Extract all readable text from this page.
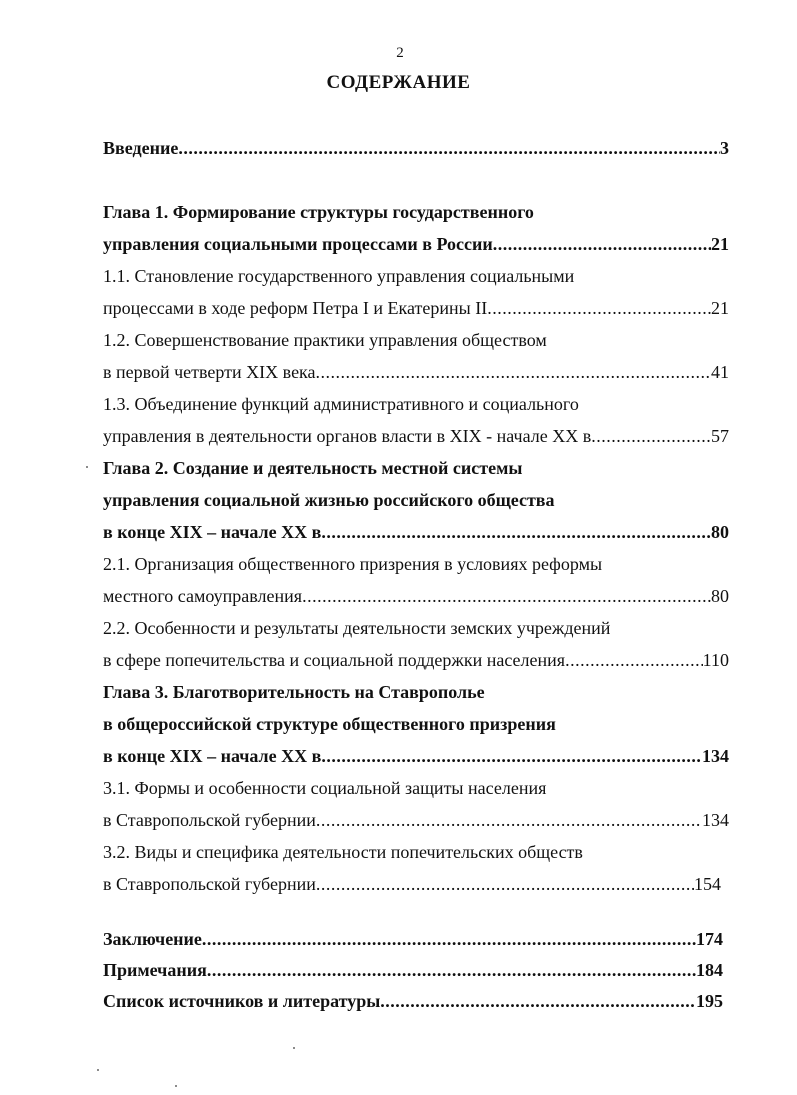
2
СОДЕРЖАНИЕ
Введение .....	3
Глава 1. Формирование структуры государственного
управления социальными процессами в России .....	21
1.1. Становление государственного управления социальными
процессами в ходе реформ Петра I и Екатерины II .....	21
1.2. Совершенствование практики управления обществом
в первой четверти XIX века .....	41
1.3. Объединение функций административного и социального
управления в деятельности органов власти в XIX - начале XX в .....	57
Глава 2. Создание и деятельность местной системы
управления социальной жизнью российского общества
в конце XIX – начале XX в .....	80
2.1. Организация общественного призрения в условиях реформы
местного самоуправления .....	80
2.2. Особенности и результаты деятельности земских учреждений
в сфере попечительства и социальной поддержки населения .....	110
Глава 3. Благотворительность на Ставрополье
в общероссийской структуре общественного призрения
в конце XIX – начале XX в .....	134
3.1. Формы и особенности социальной защиты населения
в Ставропольской губернии .....	134
3.2. Виды и специфика деятельности попечительских обществ
в Ставропольской губернии .....	154
Заключение .....	174
Примечания .....	184
Список источников и литературы .....	195
